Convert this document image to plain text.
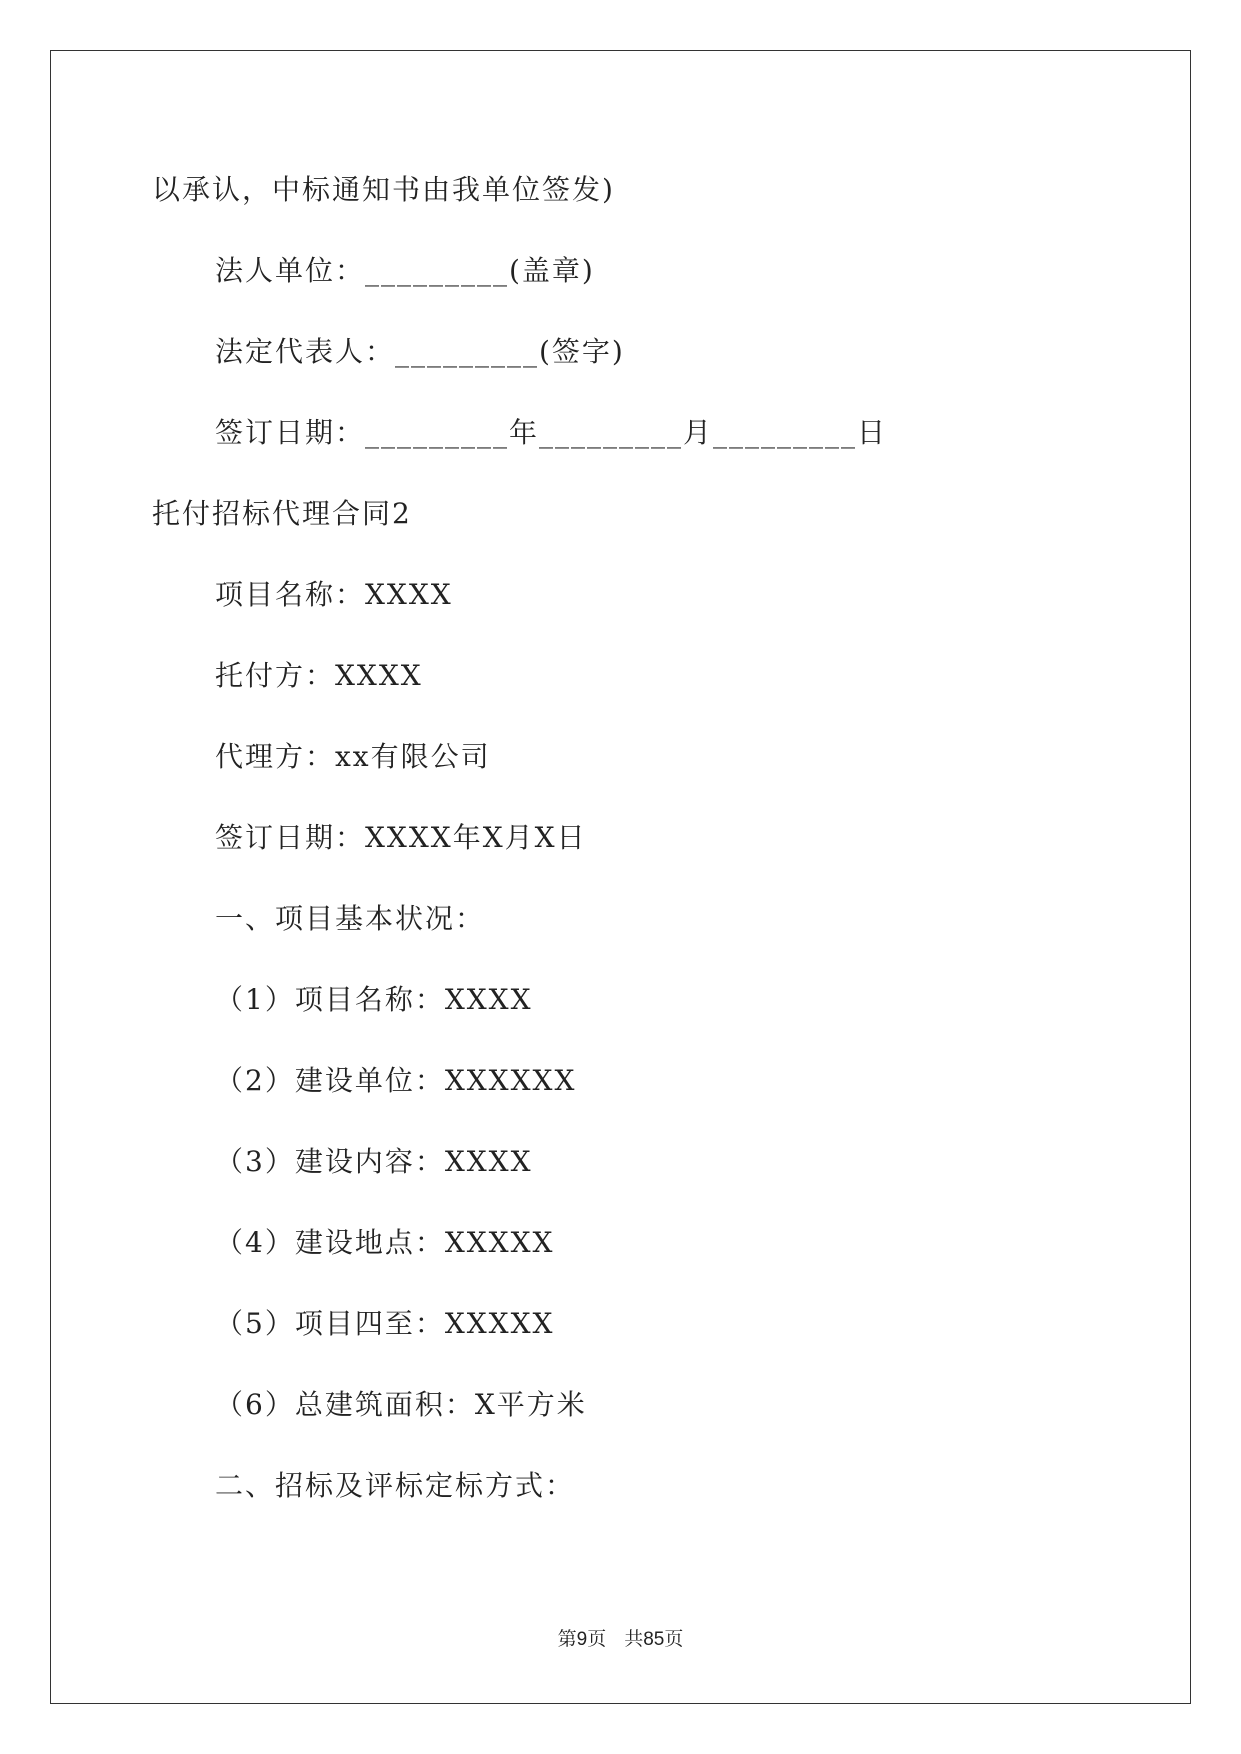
以承认，中标通知书由我单位签发)
法人单位：_________(盖章)
法定代表人：_________(签字)
签订日期：_________年_________月_________日
托付招标代理合同2
项目名称：XXXX
托付方：XXXX
代理方：xx有限公司
签订日期：XXXX年X月X日
一、项目基本状况：
（1）项目名称：XXXX
（2）建设单位：XXXXXX
（3）建设内容：XXXX
（4）建设地点：XXXXX
（5）项目四至：XXXXX
（6）总建筑面积：X平方米
二、招标及评标定标方式：
第9页 共85页
